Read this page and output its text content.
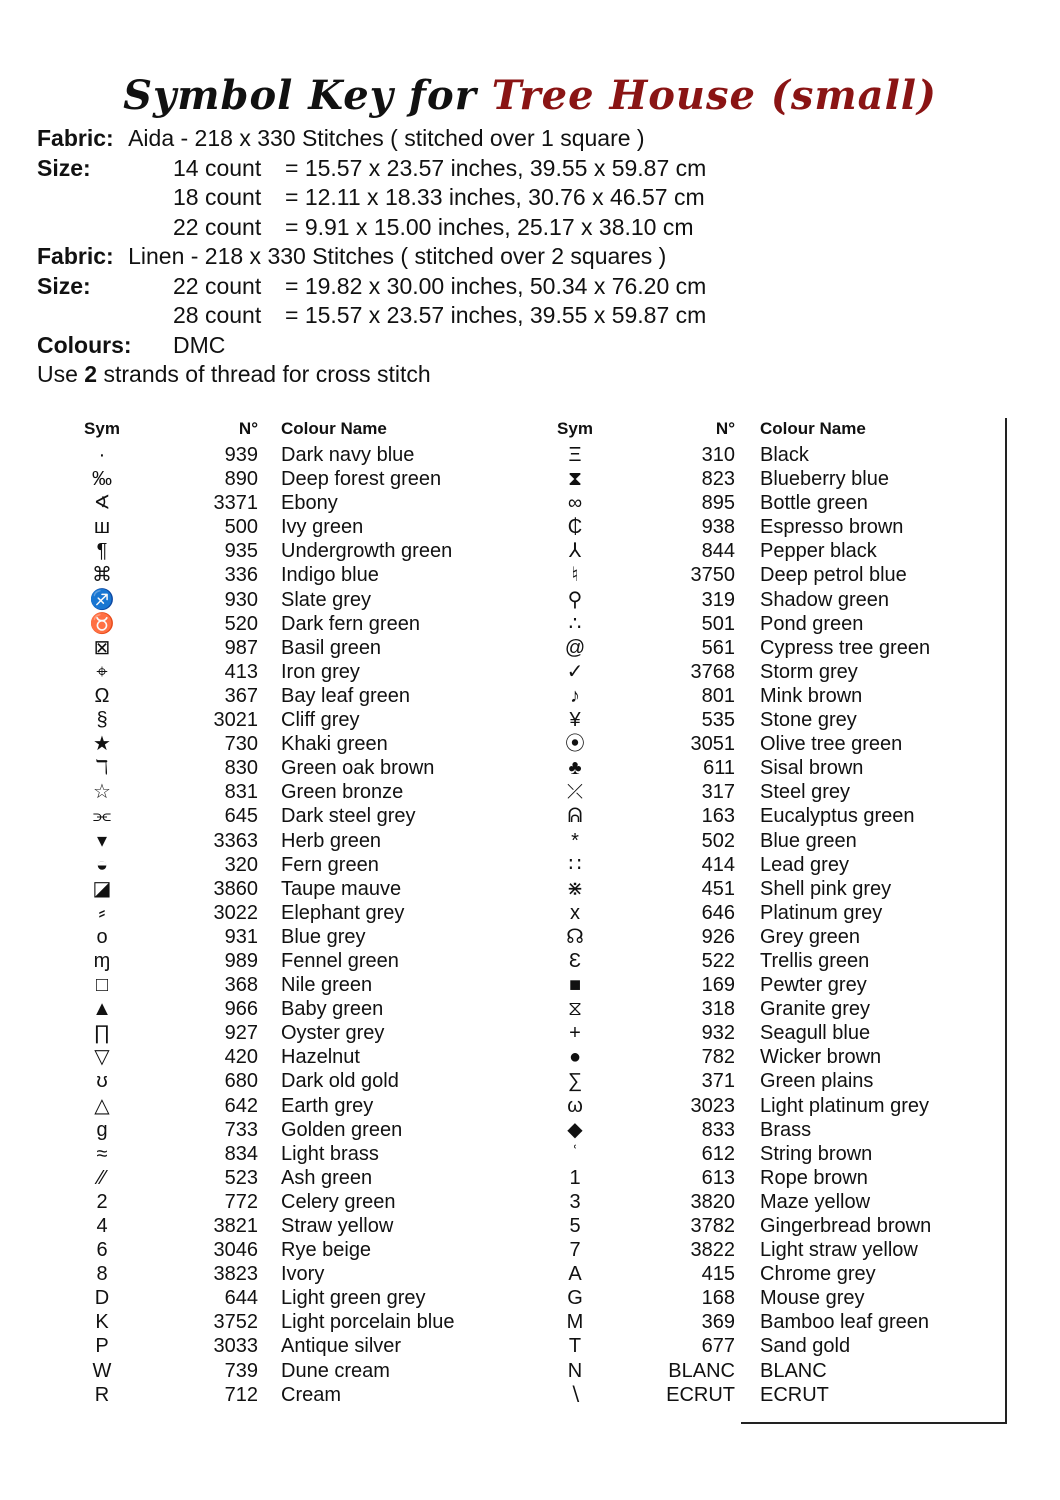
Symbol Key for Tree House (small)
Fabric: Aida - 218 x 330 Stitches ( stitched over 1 square )
Size:	14 count = 15.57 x 23.57 inches, 39.55 x 59.87 cm
18 count = 12.11 x 18.33 inches, 30.76 x 46.57 cm
22 count = 9.91 x 15.00 inches, 25.17 x 38.10 cm
Fabric: Linen - 218 x 330 Stitches ( stitched over 2 squares )
Size:	22 count = 19.82 x 30.00 inches, 50.34 x 76.20 cm
28 count = 15.57 x 23.57 inches, 39.55 x 59.87 cm
Colours: DMC
Use 2 strands of thread for cross stitch
Sym	N° Colour Name
·	939 Dark navy blue
‰	890 Deep forest green
∢	3371 Ebony
ш	500 Ivy green
¶	935 Undergrowth green
⌘	336 Indigo blue
♐	930 Slate grey
♉	520 Dark fern green
⊠	987 Basil green
⌖	413 Iron grey
Ω	367 Bay leaf green
§	3021 Cliff grey
★	730 Khaki green
ℸ	830 Green oak brown
☆	831 Green bronze
⫘	645 Dark steel grey
▾	3363 Herb green
◒	320 Fern green
◪	3860 Taupe mauve
⸗	3022 Elephant grey
o	931 Blue grey
ɱ	989 Fennel green
□	368 Nile green
▲	966 Baby green
∏	927 Oyster grey
▽	420 Hazelnut
ʊ	680 Dark old gold
△	642 Earth grey
g	733 Golden green
≈	834 Light brass
⁄⁄	523 Ash green
2	772 Celery green
4	3821 Straw yellow
6	3046 Rye beige
8	3823 Ivory
D	644 Light green grey
K	3752 Light porcelain blue
P	3033 Antique silver
W	739 Dune cream
R	712 Cream
Sym	N° Colour Name
Ξ	310 Black
⧗	823 Blueberry blue
∞	895 Bottle green
₵	938 Espresso brown
⅄	844 Pepper black
♮	3750 Deep petrol blue
⚲	319 Shadow green
∴	501 Pond green
@	561 Cypress tree green
✓	3768 Storm grey
♪	801 Mink brown
¥	535 Stone grey
⦿	3051 Olive tree green
♣	611 Sisal brown
⤫	317 Steel grey
ᕱ	163 Eucalyptus green
*	502 Blue green
∷	414 Lead grey
⋇	451 Shell pink grey
x	646 Platinum grey
☊	926 Grey green
Ɛ	522 Trellis green
■	169 Pewter grey
⧖	318 Granite grey
+	932 Seagull blue
●	782 Wicker brown
∑	371 Green plains
ω	3023 Light platinum grey
◆	833 Brass
ʿ	612 String brown
1	613 Rope brown
3	3820 Maze yellow
5	3782 Gingerbread brown
7	3822 Light straw yellow
A	415 Chrome grey
G	168 Mouse grey
M	369 Bamboo leaf green
T	677 Sand gold
N	BLANC BLANC
∖	ECRUT ECRUT
